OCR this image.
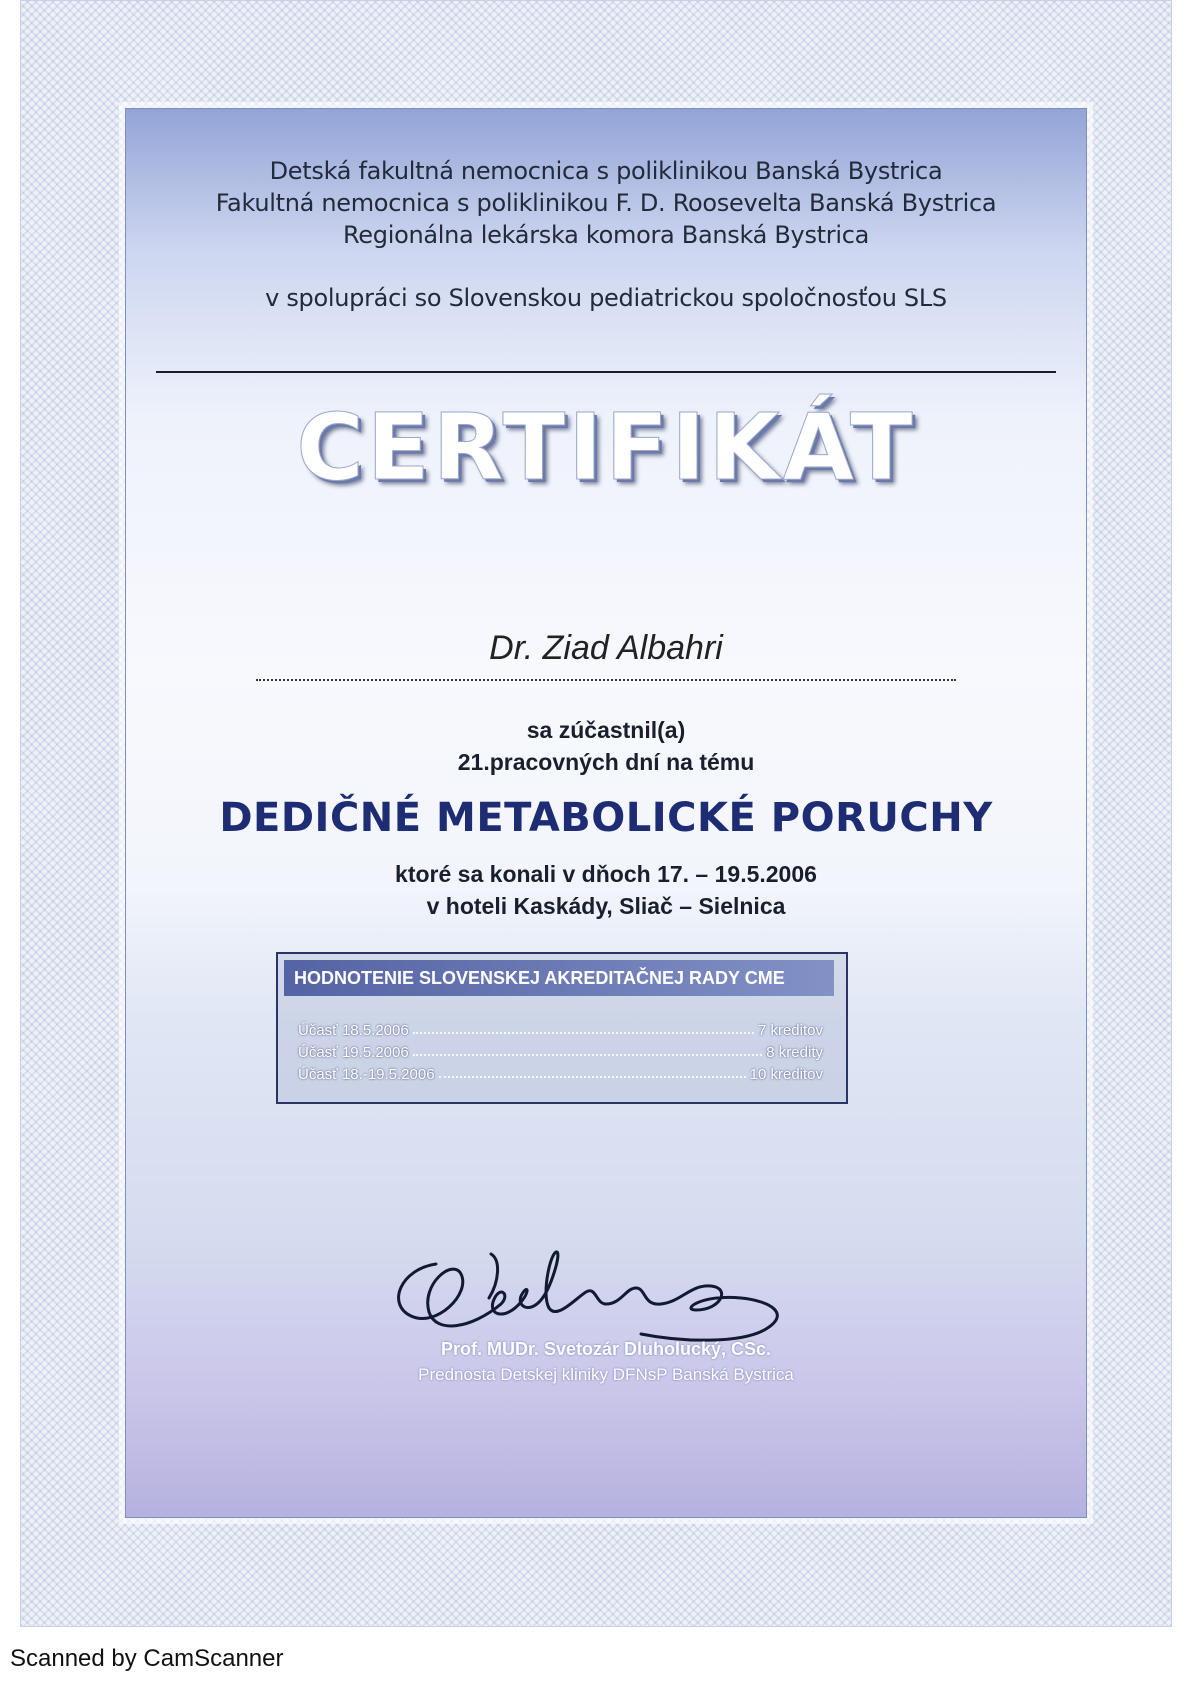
Detská fakultná nemocnica s poliklinikou Banská Bystrica
Fakultná nemocnica s poliklinikou F. D. Roosevelta Banská Bystrica
Regionálna lekárska komora Banská Bystrica
v spolupráci so Slovenskou pediatrickou spoločnosťou SLS
CERTIFIKÁT
Dr. Ziad Albahri
sa zúčastnil(a)
21.pracovných dní na tému
DEDIČNÉ METABOLICKÉ PORUCHY
ktoré sa konali v dňoch 17. – 19.5.2006
v hoteli Kaskády, Sliač – Sielnica
HODNOTENIE SLOVENSKEJ AKREDITAČNEJ RADY CME
Účasť 18.5.2006	7 kreditov
Účasť 19.5.2006	8 kredity
Účasť 18.-19.5.2006	10 kreditov
Prof. MUDr. Svetozár Dluholucký, CSc.
Prednosta Detskej kliniky DFNsP Banská Bystrica
Scanned by CamScanner
